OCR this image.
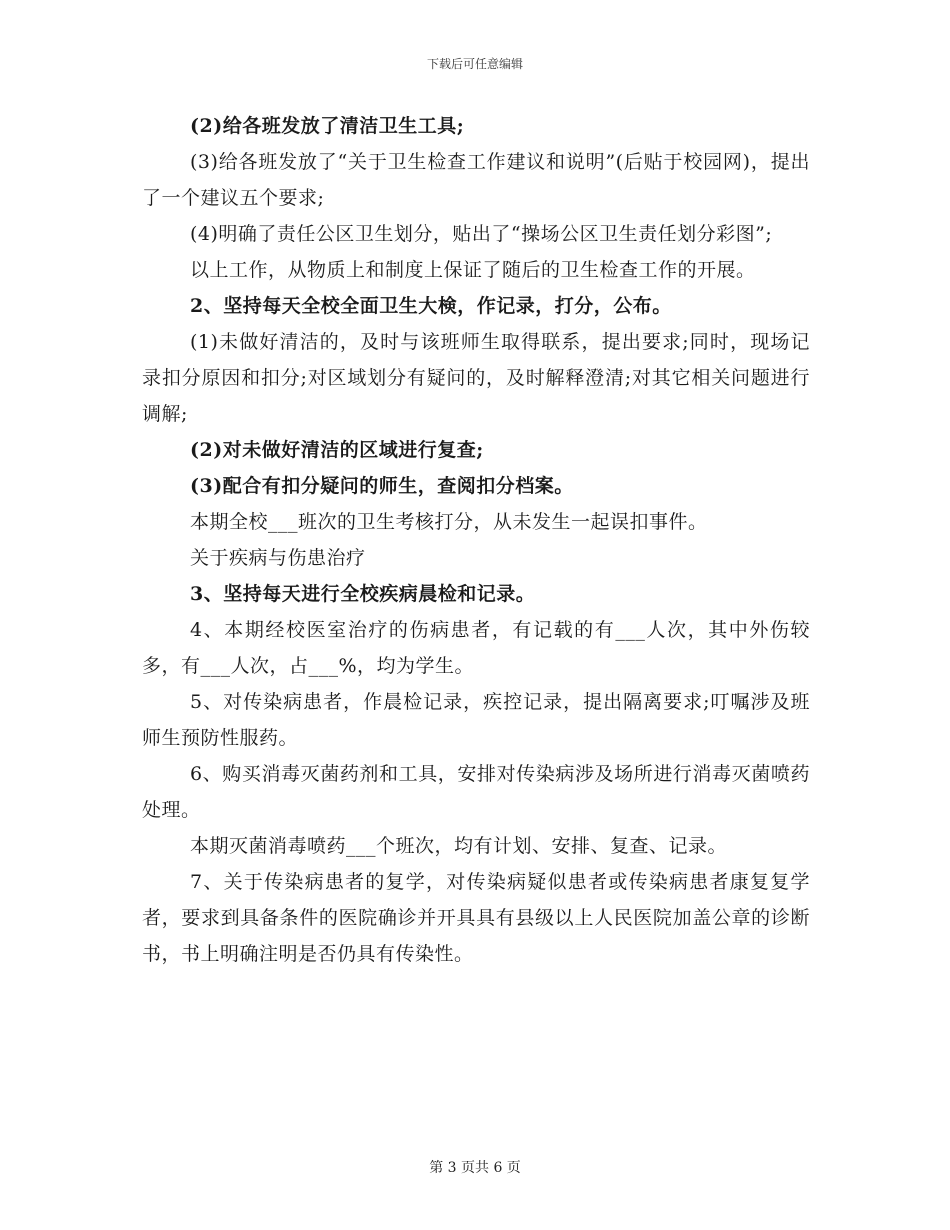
下载后可任意编辑

(2)给各班发放了清洁卫生工具;

(3)给各班发放了“关于卫生检查工作建议和说明”(后贴于校园网)，提出了一个建议五个要求;

(4)明确了责任公区卫生划分，贴出了“操场公区卫生责任划分彩图”;

以上工作，从物质上和制度上保证了随后的卫生检查工作的开展。

2、坚持每天全校全面卫生大検，作记录，打分，公布。

(1)未做好清洁的，及时与该班师生取得联系，提出要求;同时，现场记录扣分原因和扣分;对区域划分有疑问的，及时解释澄清;对其它相关问题进行调解;

(2)对未做好清洁的区域进行复查;

(3)配合有扣分疑问的师生，查阅扣分档案。

本期全校___班次的卫生考核打分，从未发生一起误扣事件。

关于疾病与伤患治疗

3、坚持每天进行全校疾病晨检和记录。

4、本期经校医室治疗的伤病患者，有记载的有___人次，其中外伤较多，有___人次，占___%，均为学生。

5、对传染病患者，作晨检记录，疾控记录，提出隔离要求;叮嘱涉及班师生预防性服药。

6、购买消毒灭菌药剂和工具，安排对传染病涉及场所进行消毒灭菌喷药处理。

本期灭菌消毒喷药___个班次，均有计划、安排、复查、记录。

7、关于传染病患者的复学，对传染病疑似患者或传染病患者康复复学者，要求到具备条件的医院确诊并开具具有县级以上人民医院加盖公章的诊断书，书上明确注明是否仍具有传染性。

第 3 页共 6 页
